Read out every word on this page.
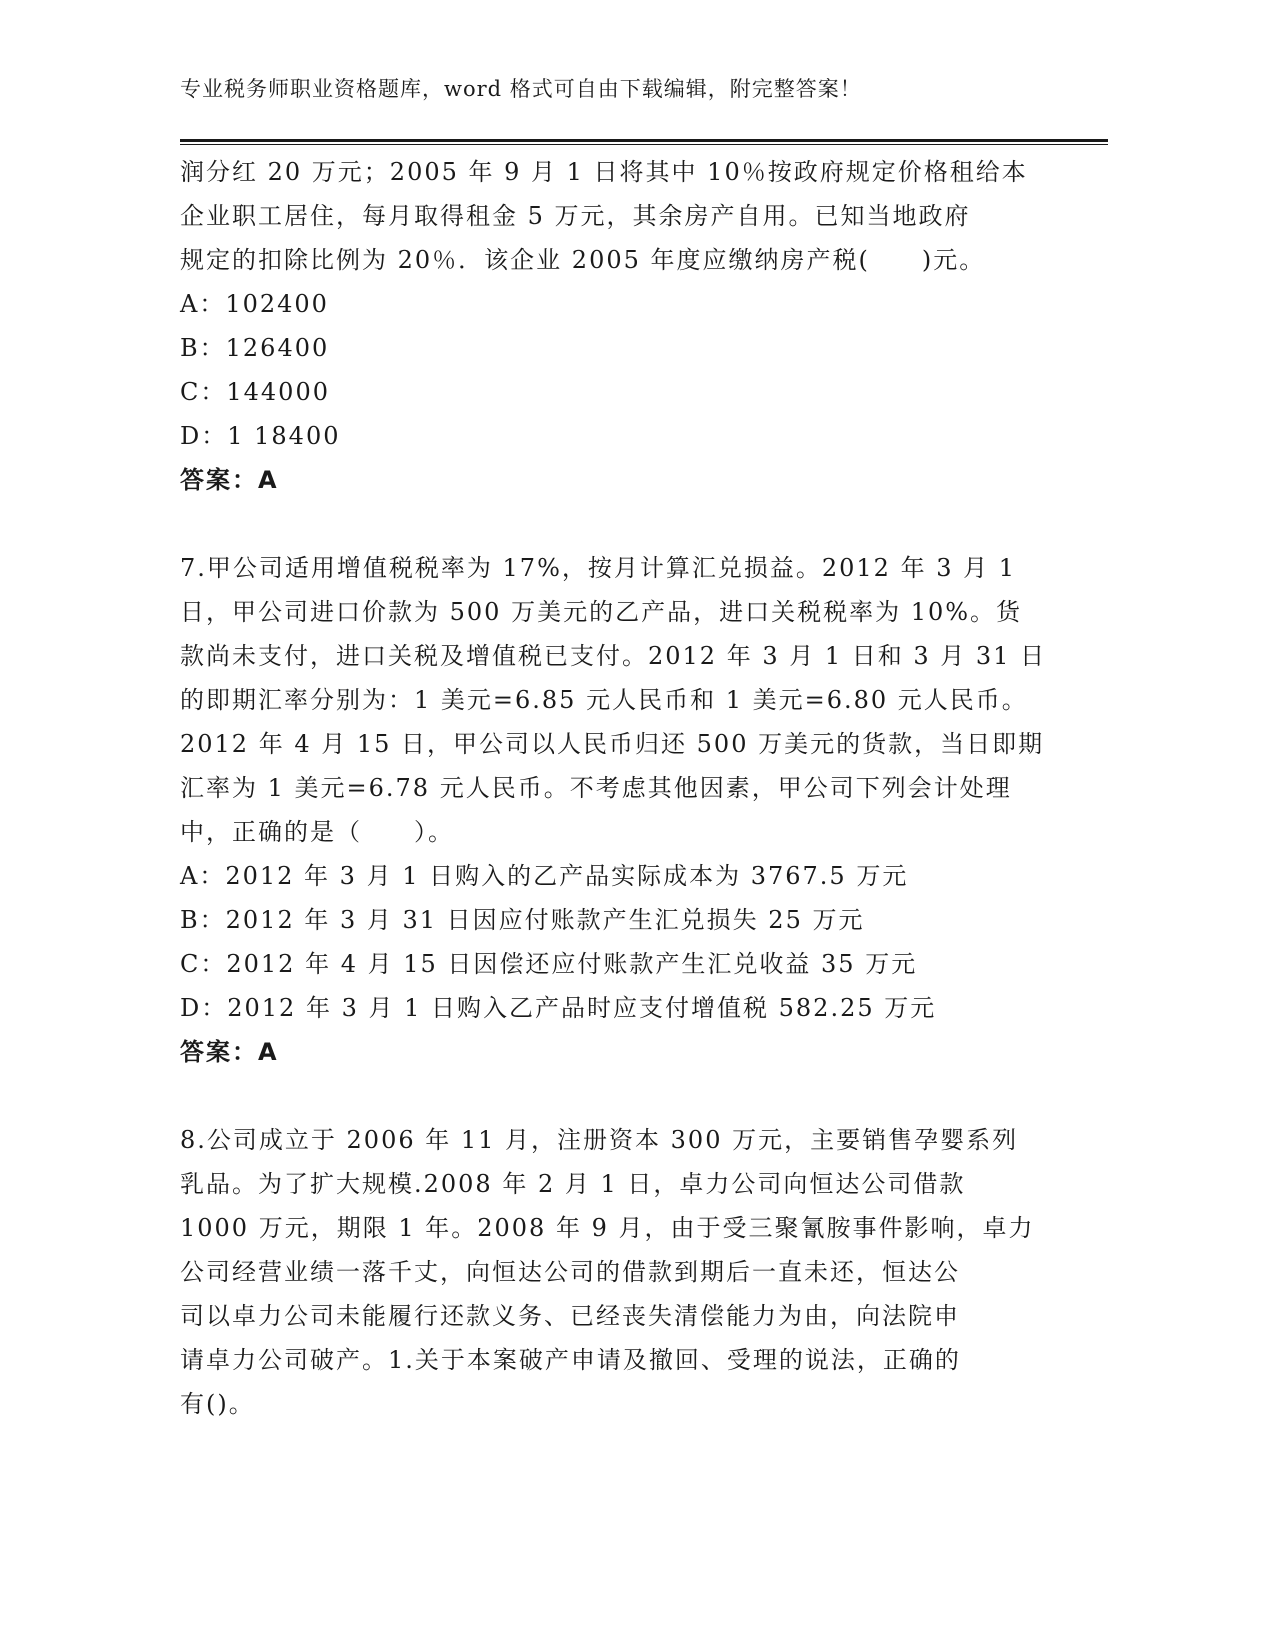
专业税务师职业资格题库，word 格式可自由下载编辑，附完整答案！
润分红 20 万元；2005 年 9 月 1 日将其中 10％按政府规定价格租给本
企业职工居住，每月取得租金 5 万元，其余房产自用。已知当地政府
规定的扣除比例为 20％．该企业 2005 年度应缴纳房产税(　　)元。
A：102400
B：126400
C：144000
D：1 18400
答案：A
7.甲公司适用增值税税率为 17%，按月计算汇兑损益。2012 年 3 月 1
日，甲公司进口价款为 500 万美元的乙产品，进口关税税率为 10%。货
款尚未支付，进口关税及增值税已支付。2012 年 3 月 1 日和 3 月 31 日
的即期汇率分别为：1 美元=6.85 元人民币和 1 美元=6.80 元人民币。
2012 年 4 月 15 日，甲公司以人民币归还 500 万美元的货款，当日即期
汇率为 1 美元=6.78 元人民币。不考虑其他因素，甲公司下列会计处理
中，正确的是（　　）。
A：2012 年 3 月 1 日购入的乙产品实际成本为 3767.5 万元
B：2012 年 3 月 31 日因应付账款产生汇兑损失 25 万元
C：2012 年 4 月 15 日因偿还应付账款产生汇兑收益 35 万元
D：2012 年 3 月 1 日购入乙产品时应支付增值税 582.25 万元
答案：A
8.公司成立于 2006 年 11 月，注册资本 300 万元，主要销售孕婴系列
乳品。为了扩大规模.2008 年 2 月 1 日，卓力公司向恒达公司借款
1000 万元，期限 1 年。2008 年 9 月，由于受三聚氰胺事件影响，卓力
公司经营业绩一落千丈，向恒达公司的借款到期后一直未还，恒达公
司以卓力公司未能履行还款义务、已经丧失清偿能力为由，向法院申
请卓力公司破产。1.关于本案破产申请及撤回、受理的说法，正确的
有()。
